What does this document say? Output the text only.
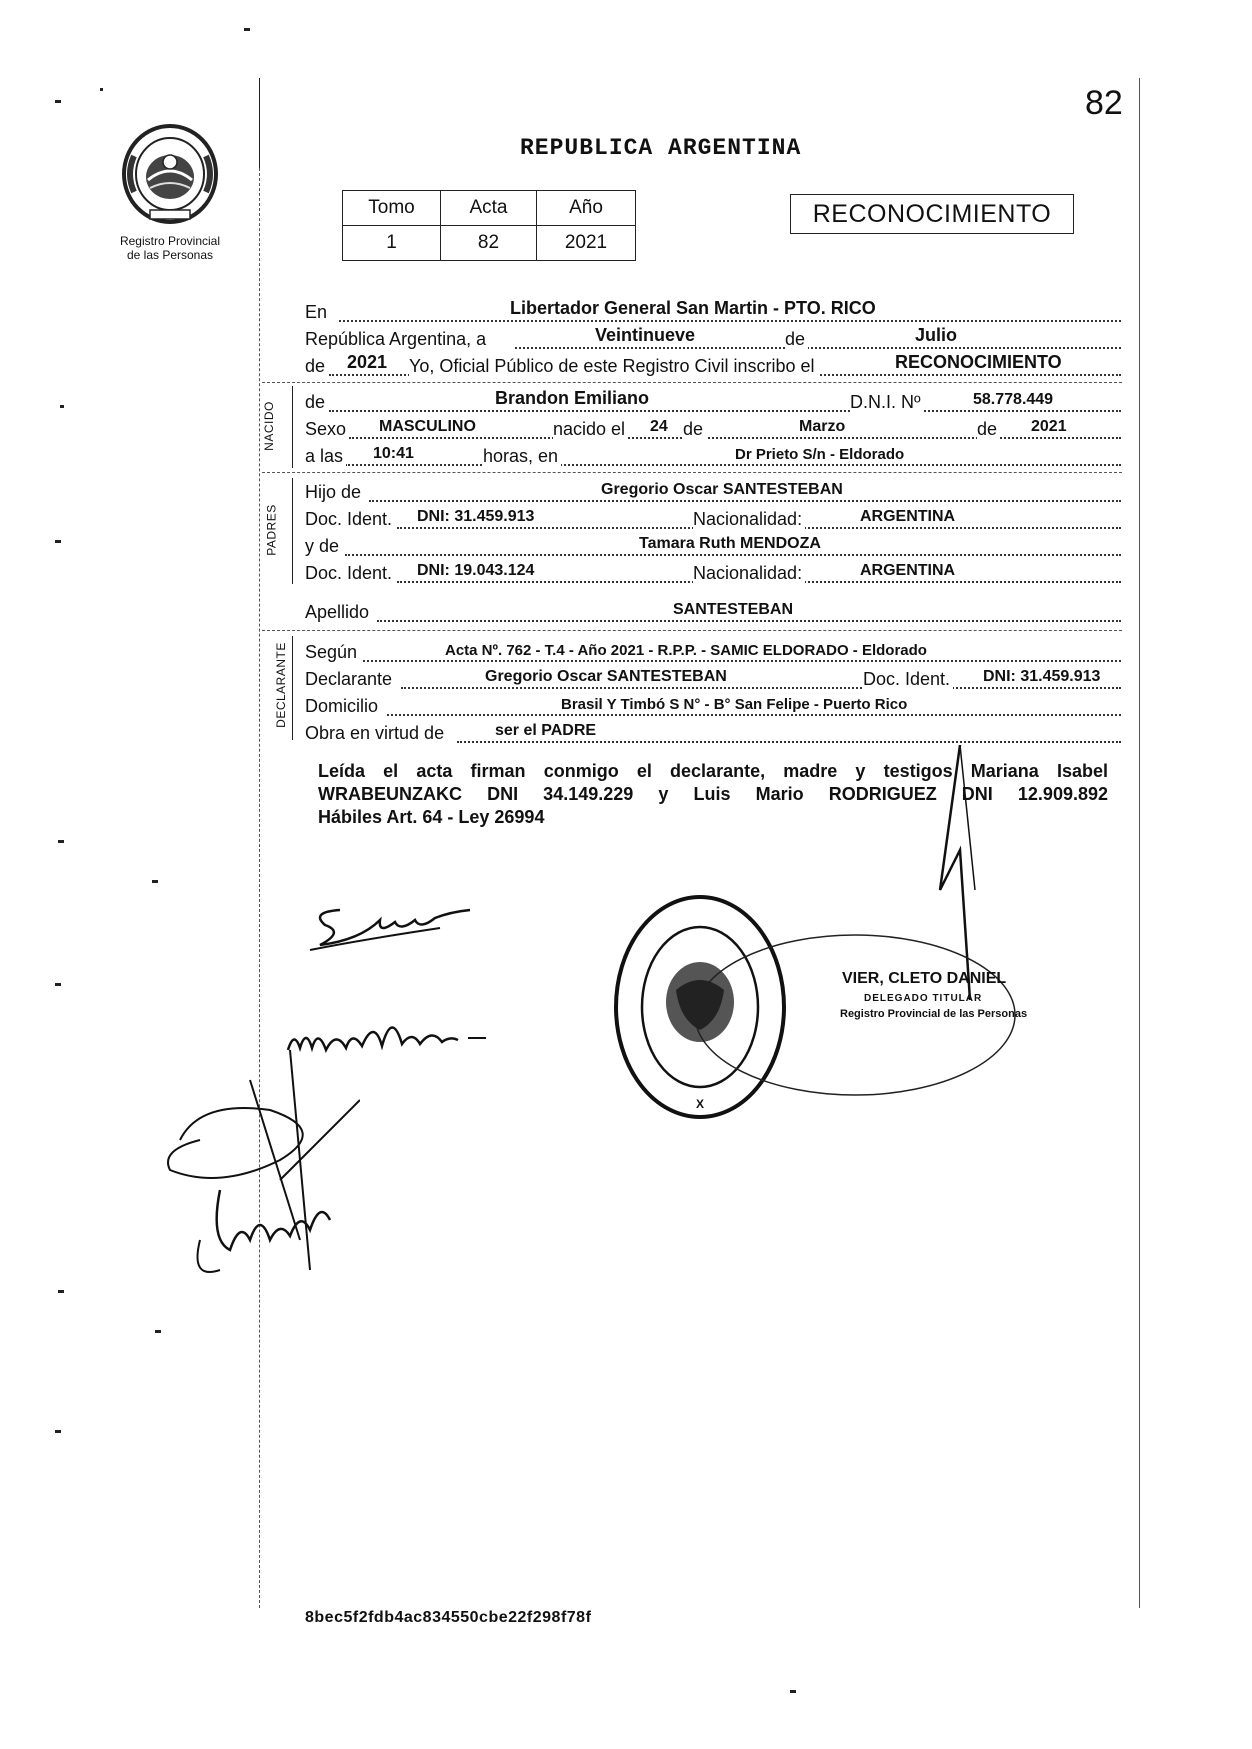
82
Registro Provincial
de las Personas
REPUBLICA ARGENTINA
Tomo	Acta	Año
1	82	2021
RECONOCIMIENTO
En	Libertador General San Martin - PTO. RICO
República Argentina, a	Veintinueve	de	Julio
de 2021 Yo, Oficial Público de este Registro Civil inscribo el	RECONOCIMIENTO
NACIDO de	Brandon Emiliano	D.N.I. Nº	58.778.449
Sexo MASCULINO	nacido el 24 de	Marzo	de 2021
a las 10:41	horas, en	Dr Prieto S/n - Eldorado
PADRES
Hijo de	Gregorio Oscar SANTESTEBAN
Doc. Ident. DNI: 31.459.913	Nacionalidad:	ARGENTINA
y de	Tamara Ruth MENDOZA
Doc. Ident. DNI: 19.043.124	Nacionalidad:	ARGENTINA
Apellido	SANTESTEBAN
DECLARANTE Según	Acta Nº. 762 - T.4 - Año 2021 - R.P.P. - SAMIC ELDORADO - Eldorado
Declarante	Gregorio Oscar SANTESTEBAN	Doc. Ident. DNI: 31.459.913
Domicilio	Brasil Y Timbó S N° - B° San Felipe - Puerto Rico
Obra en virtud de	ser el PADRE

Leída el acta firman conmigo el declarante, madre y testigos Mariana Isabel

WRABEUNZAKC DNI 34.149.229 y Luis Mario RODRIGUEZ DNI 12.909.892

Hábiles Art. 64 - Ley 26994

X
VIER, CLETO DANIEL
DELEGADO TITULAR
Registro Provincial de las Personas
8bec5f2fdb4ac834550cbe22f298f78f
